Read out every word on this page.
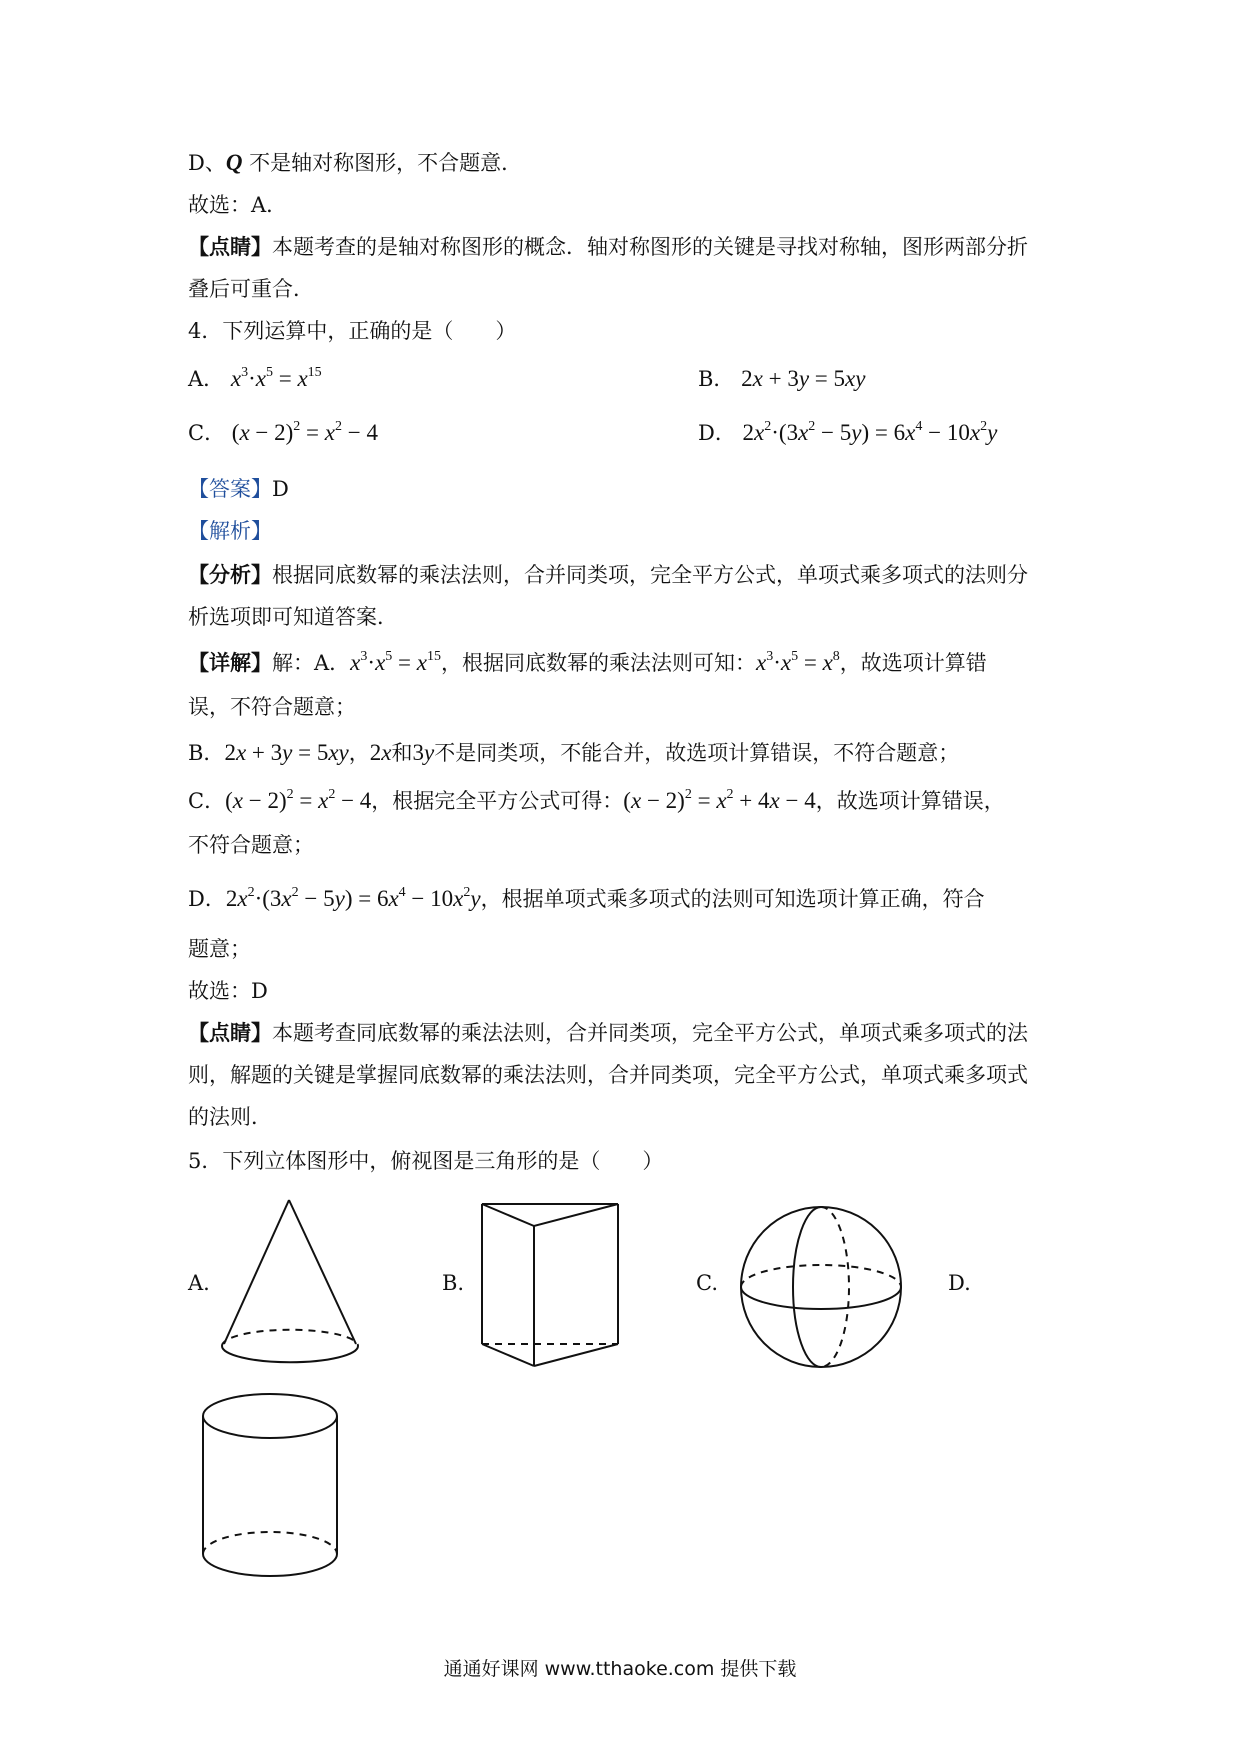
D、Q 不是轴对称图形，不合题意．
故选：A．
【点睛】本题考查的是轴对称图形的概念．轴对称图形的关键是寻找对称轴，图形两部分折
叠后可重合．
4．下列运算中，正确的是（　　）
A． $x^3\cdot x^5 = x^{15}$	B． 2x + 3y = 5xy
C． $(x - 2)^2 = x^2 - 4$	D． $2x^2\cdot(3x^2 - 5y) = 6x^4 - 10x^2y$
【答案】D
【解析】
【分析】根据同底数幂的乘法法则，合并同类项，完全平方公式，单项式乘多项式的法则分
析选项即可知道答案．
【详解】解：A．$x^3\cdot x^5 = x^{15}$，根据同底数幂的乘法法则可知：$x^3\cdot x^5 = x^8$，故选项计算错
误，不符合题意；
B．2x + 3y = 5xy，2x和3y不是同类项，不能合并，故选项计算错误，不符合题意；
C．$(x - 2)^2 = x^2 - 4$，根据完全平方公式可得：$(x - 2)^2 = x^2 + 4x - 4$，故选项计算错误，
不符合题意；
D．$2x^2\cdot(3x^2 - 5y) = 6x^4 - 10x^2y$，根据单项式乘多项式的法则可知选项计算正确，符合
题意；
故选：D
【点睛】本题考查同底数幂的乘法法则，合并同类项，完全平方公式，单项式乘多项式的法
则，解题的关键是掌握同底数幂的乘法法则，合并同类项，完全平方公式，单项式乘多项式
的法则．
5．下列立体图形中，俯视图是三角形的是（　　）
A.	B.	C.	D.
通通好课网 www.tthaoke.com 提供下载
